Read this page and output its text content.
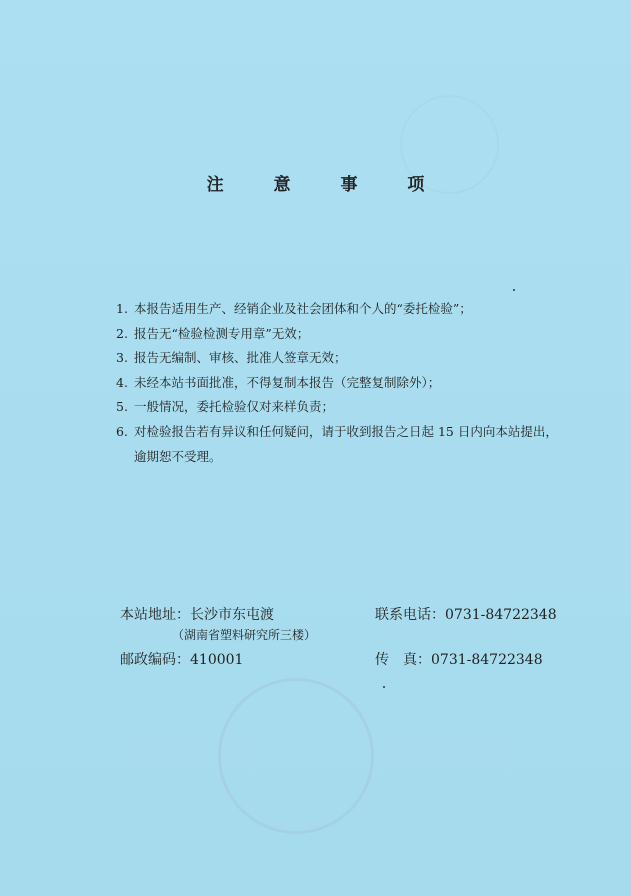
注 意 事 项
1. 本报告适用生产、经销企业及社会团体和个人的“委托检验”；
2. 报告无“检验检测专用章”无效；
3. 报告无编制、审核、批准人签章无效；
4. 未经本站书面批准，不得复制本报告（完整复制除外）；
5. 一般情况，委托检验仅对来样负责；
6. 对检验报告若有异议和任何疑问，请于收到报告之日起 15 日内向本站提出，逾期恕不受理。
本站地址：长沙市东屯渡
（湖南省塑料研究所三楼）
邮政编码：410001
联系电话：0731-84722348
传　真：0731-84722348
